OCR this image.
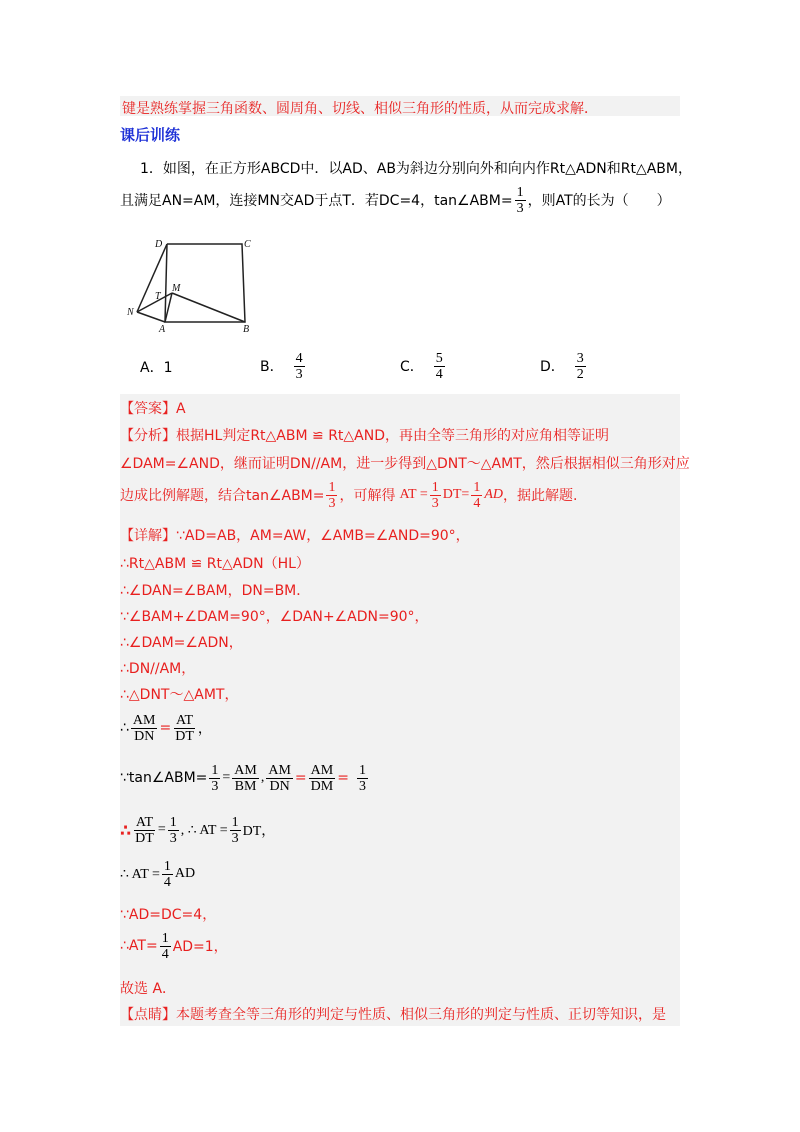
键是熟练掌握三角函数、圆周角、切线、相似三角形的性质，从而完成求解．
课后训练
1．如图，在正方形ABCD中．以AD、AB为斜边分别向外和向内作Rt△ADN和Rt△ABM，
且满足AN=AM，连接MN交AD于点T．若DC=4，tan∠ABM= $\frac{1}{3}$ ，则AT的长为（　　）
D	C
T
M
N
A	B
A．1	B． $\frac{4}{3}$	C． $\frac{5}{4}$	D． $\frac{3}{2}$
【答案】A
【分析】根据HL判定Rt△ABM ≌ Rt△AND，再由全等三角形的对应角相等证明
∠DAM=∠AND，继而证明DN//AM，进一步得到△DNT～△AMT，然后根据相似三角形对应
边成比例解题，结合tan∠ABM= $\frac{1}{3}$ ，可解得 AT = $\frac{1}{3} DT= \frac{1}{4}$ AD ，据此解题.
【详解】∵AD=AB，AM=AW，∠AMB=∠AND=90°，
∴Rt△ABM ≌ Rt△ADN（HL）
∴∠DAN=∠BAM，DN=BM．
∵∠BAM+∠DAM=90°，∠DAN+∠ADN=90°，
∴∠DAM=∠ADN，
∴DN//AM，
∴△DNT～△AMT，
∴ $\frac{AM}{DN} = \frac{AT}{DT}$ ，
∵tan∠ABM= $\frac{1}{3} = \frac{AM}{BM}$ , $\frac{AM}{DN} = \frac{AM}{DM} = \frac{1}{3}$
∴ $\frac{AT}{DT} = \frac{1}{3}$ , ∴ AT = $\frac{1}{3}$ DT，
∴ AT = $\frac{1}{4}$ AD
∵AD=DC=4，
∴AT= $\frac{1}{4} AD=1$，
故选 A．
【点睛】本题考查全等三角形的判定与性质、相似三角形的判定与性质、正切等知识，是
